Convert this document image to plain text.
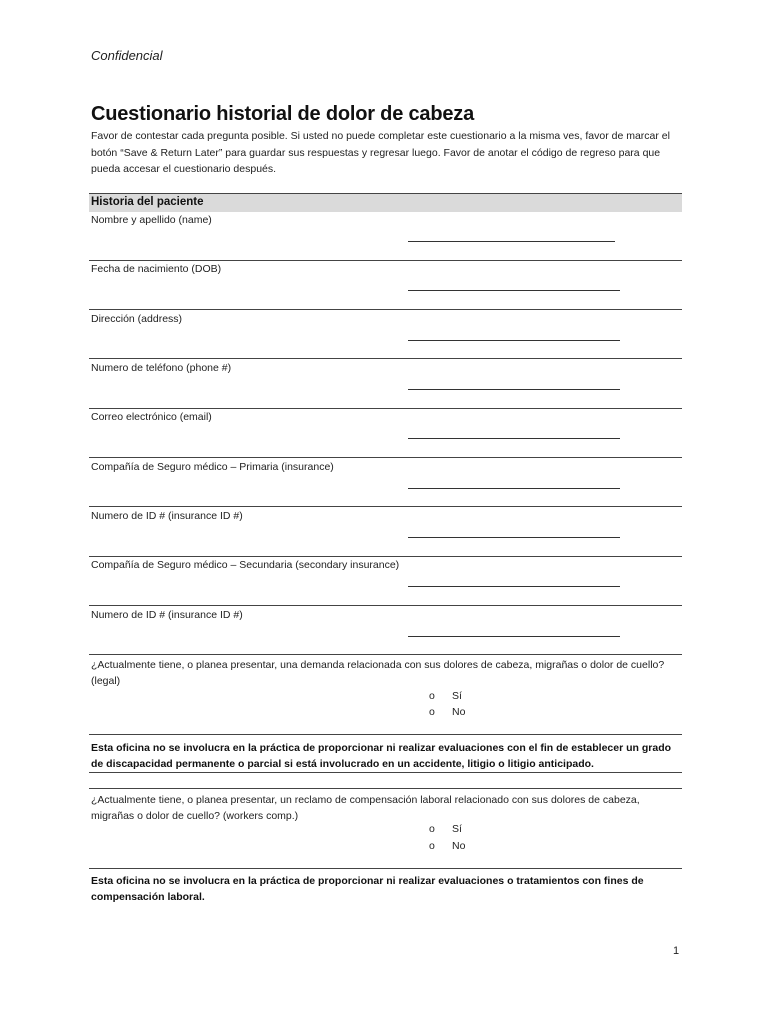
Confidencial
Cuestionario historial de dolor de cabeza
Favor de contestar cada pregunta posible. Si usted no puede completar este cuestionario a la misma ves, favor de marcar el botón “Save & Return Later” para guardar sus respuestas y regresar luego. Favor de anotar el código de regreso para que pueda accesar el cuestionario después.
Historia del paciente
Nombre y apellido (name)
Fecha de nacimiento (DOB)
Dirección (address)
Numero de teléfono (phone #)
Correo electrónico (email)
Compañía de Seguro médico – Primaria (insurance)
Numero de ID # (insurance ID #)
Compañía de Seguro médico – Secundaria (secondary insurance)
Numero de ID # (insurance ID #)
¿Actualmente tiene, o planea presentar, una demanda relacionada con sus dolores de cabeza, migrañas o dolor de cuello? (legal)
o Sí
o No
Esta oficina no se involucra en la práctica de proporcionar ni realizar evaluaciones con el fin de establecer un grado de discapacidad permanente o parcial si está involucrado en un accidente, litigio o litigio anticipado.
¿Actualmente tiene, o planea presentar, un reclamo de compensación laboral relacionado con sus dolores de cabeza, migrañas o dolor de cuello? (workers comp.)
o Sí
o No
Esta oficina no se involucra en la práctica de proporcionar ni realizar evaluaciones o tratamientos con fines de compensación laboral.
1
